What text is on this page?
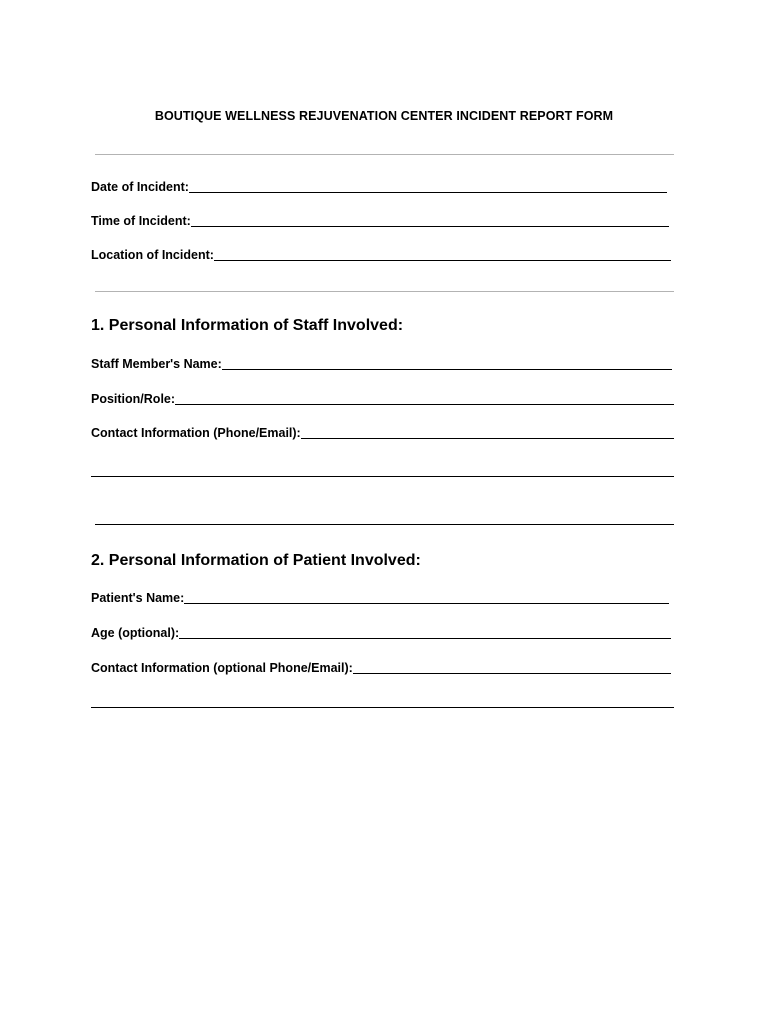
BOUTIQUE WELLNESS REJUVENATION CENTER INCIDENT REPORT FORM
Date of Incident:
Time of Incident:
Location of Incident:
1. Personal Information of Staff Involved:
Staff Member's Name:
Position/Role:
Contact Information (Phone/Email):
2. Personal Information of Patient Involved:
Patient's Name:
Age (optional):
Contact Information (optional Phone/Email):
